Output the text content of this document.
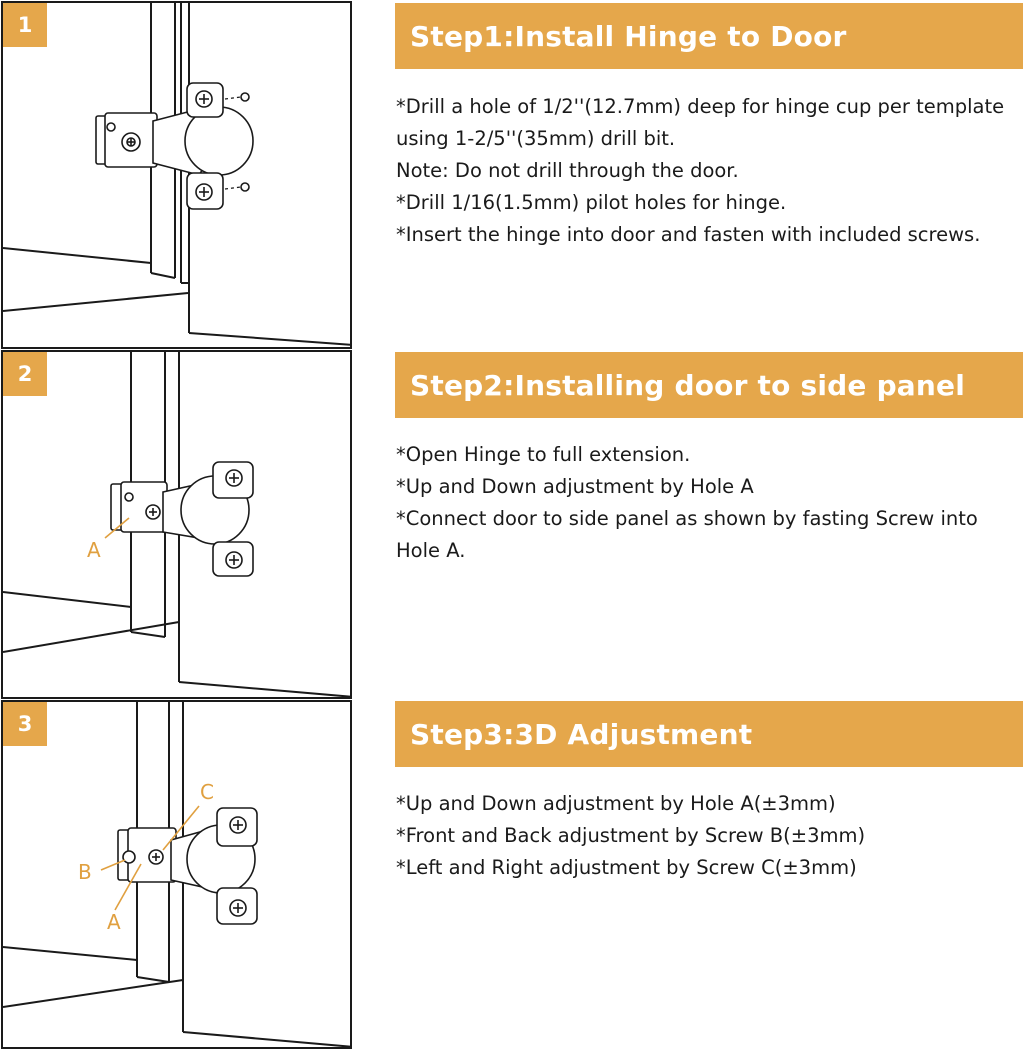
1	Step1:Install Hinge to Door
*Drill a hole of 1/2''(12.7mm) deep for hinge cup per template
using 1-2/5''(35mm) drill bit.
Note: Do not drill through the door.
*Drill 1/16(1.5mm) pilot holes for hinge.
*Insert the hinge into door and fasten with included screws.
2
A
Step2:Installing door to side panel
*Open Hinge to full extension.
*Up and Down adjustment by Hole A
*Connect door to side panel as shown by fasting Screw into
Hole A.
3
C
B
A
Step3:3D Adjustment
*Up and Down adjustment by Hole A(±3mm)
*Front and Back adjustment by Screw B(±3mm)
*Left and Right adjustment by Screw C(±3mm)
